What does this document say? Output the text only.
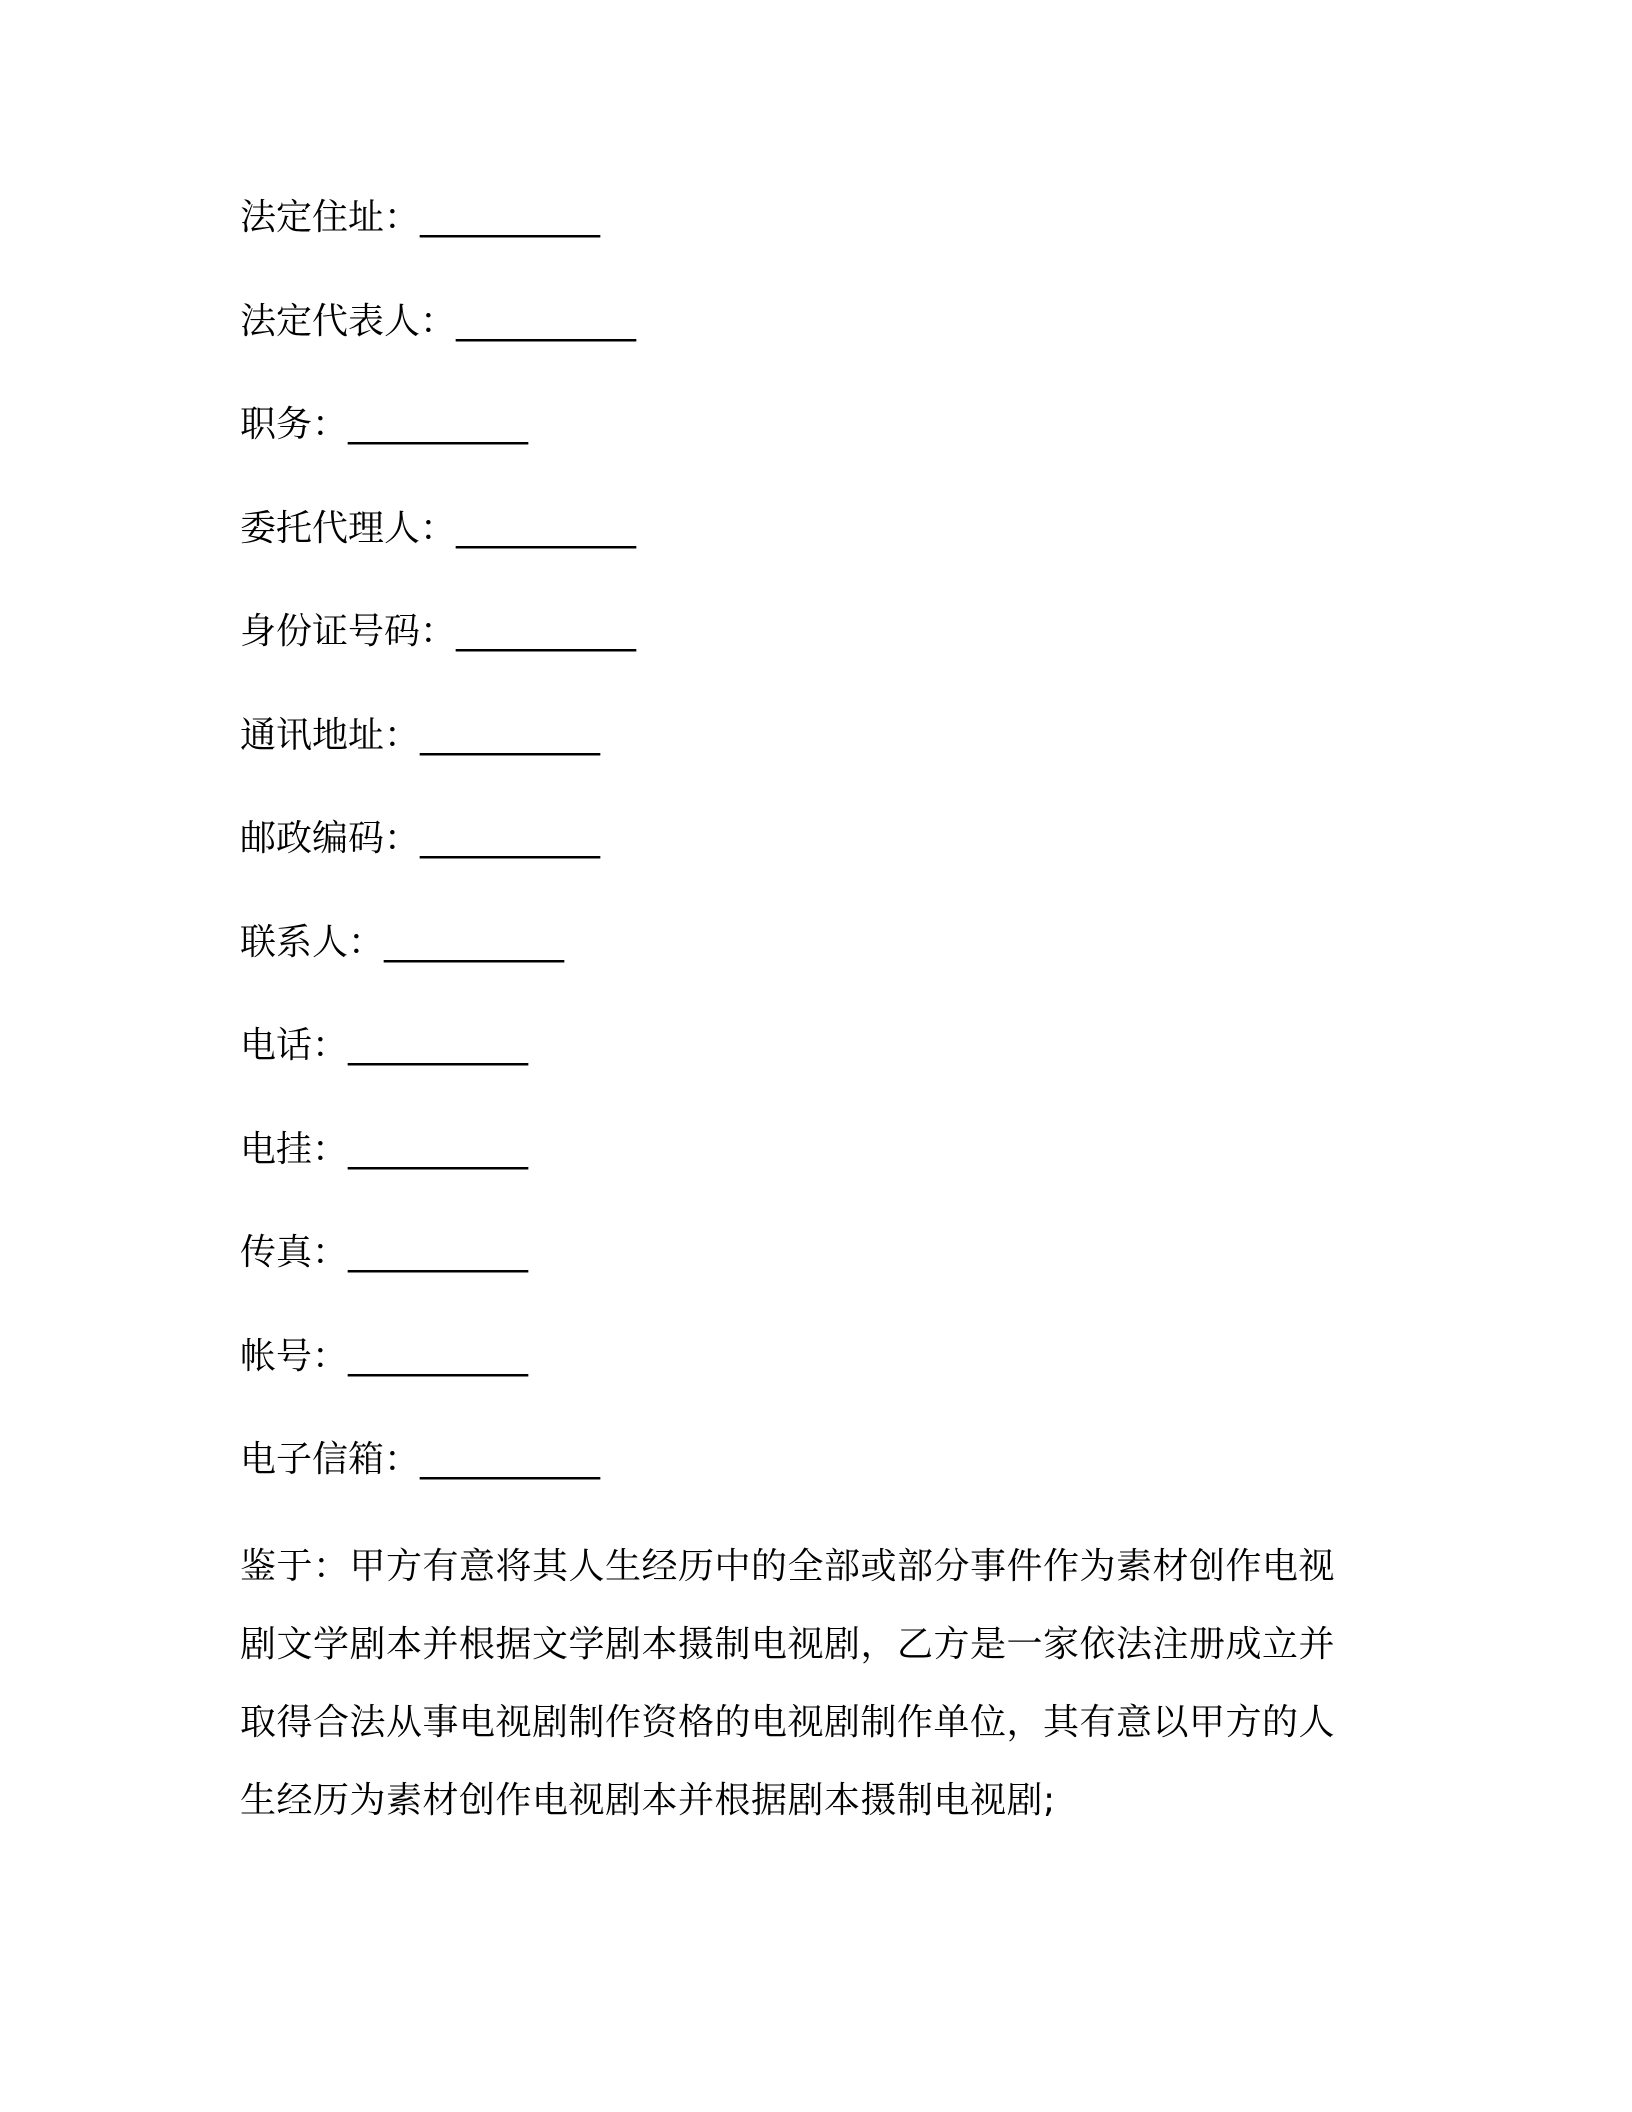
法定住址：__________
法定代表人：__________
职务：__________
委托代理人：__________
身份证号码：__________
通讯地址：__________
邮政编码：__________
联系人：__________
电话：__________
电挂：__________
传真：__________
帐号：__________
电子信箱：__________

鉴于：甲方有意将其人生经历中的全部或部分事件作为素材创作电视
剧文学剧本并根据文学剧本摄制电视剧，乙方是一家依法注册成立并
取得合法从事电视剧制作资格的电视剧制作单位，其有意以甲方的人
生经历为素材创作电视剧本并根据剧本摄制电视剧;
